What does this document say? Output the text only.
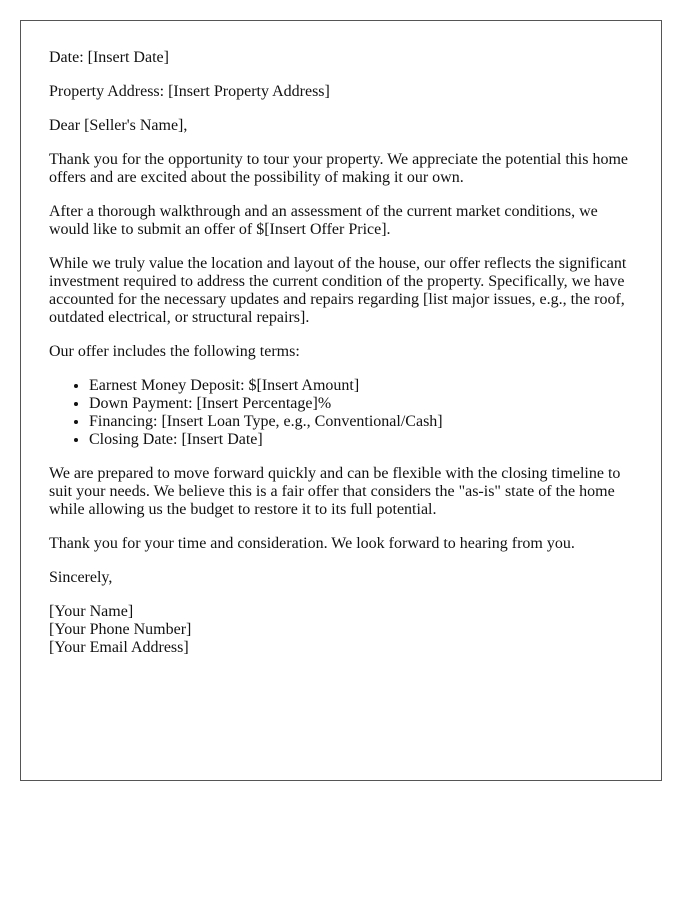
Date: [Insert Date]

Property Address: [Insert Property Address]

Dear [Seller's Name],

Thank you for the opportunity to tour your property. We appreciate the potential this home offers and are excited about the possibility of making it our own.

After a thorough walkthrough and an assessment of the current market conditions, we would like to submit an offer of $[Insert Offer Price].

While we truly value the location and layout of the house, our offer reflects the significant investment required to address the current condition of the property. Specifically, we have accounted for the necessary updates and repairs regarding [list major issues, e.g., the roof, outdated electrical, or structural repairs].

Our offer includes the following terms:

• Earnest Money Deposit: $[Insert Amount]
• Down Payment: [Insert Percentage]%
• Financing: [Insert Loan Type, e.g., Conventional/Cash]
• Closing Date: [Insert Date]

We are prepared to move forward quickly and can be flexible with the closing timeline to suit your needs. We believe this is a fair offer that considers the "as-is" state of the home while allowing us the budget to restore it to its full potential.

Thank you for your time and consideration. We look forward to hearing from you.

Sincerely,

[Your Name]
[Your Phone Number]
[Your Email Address]
